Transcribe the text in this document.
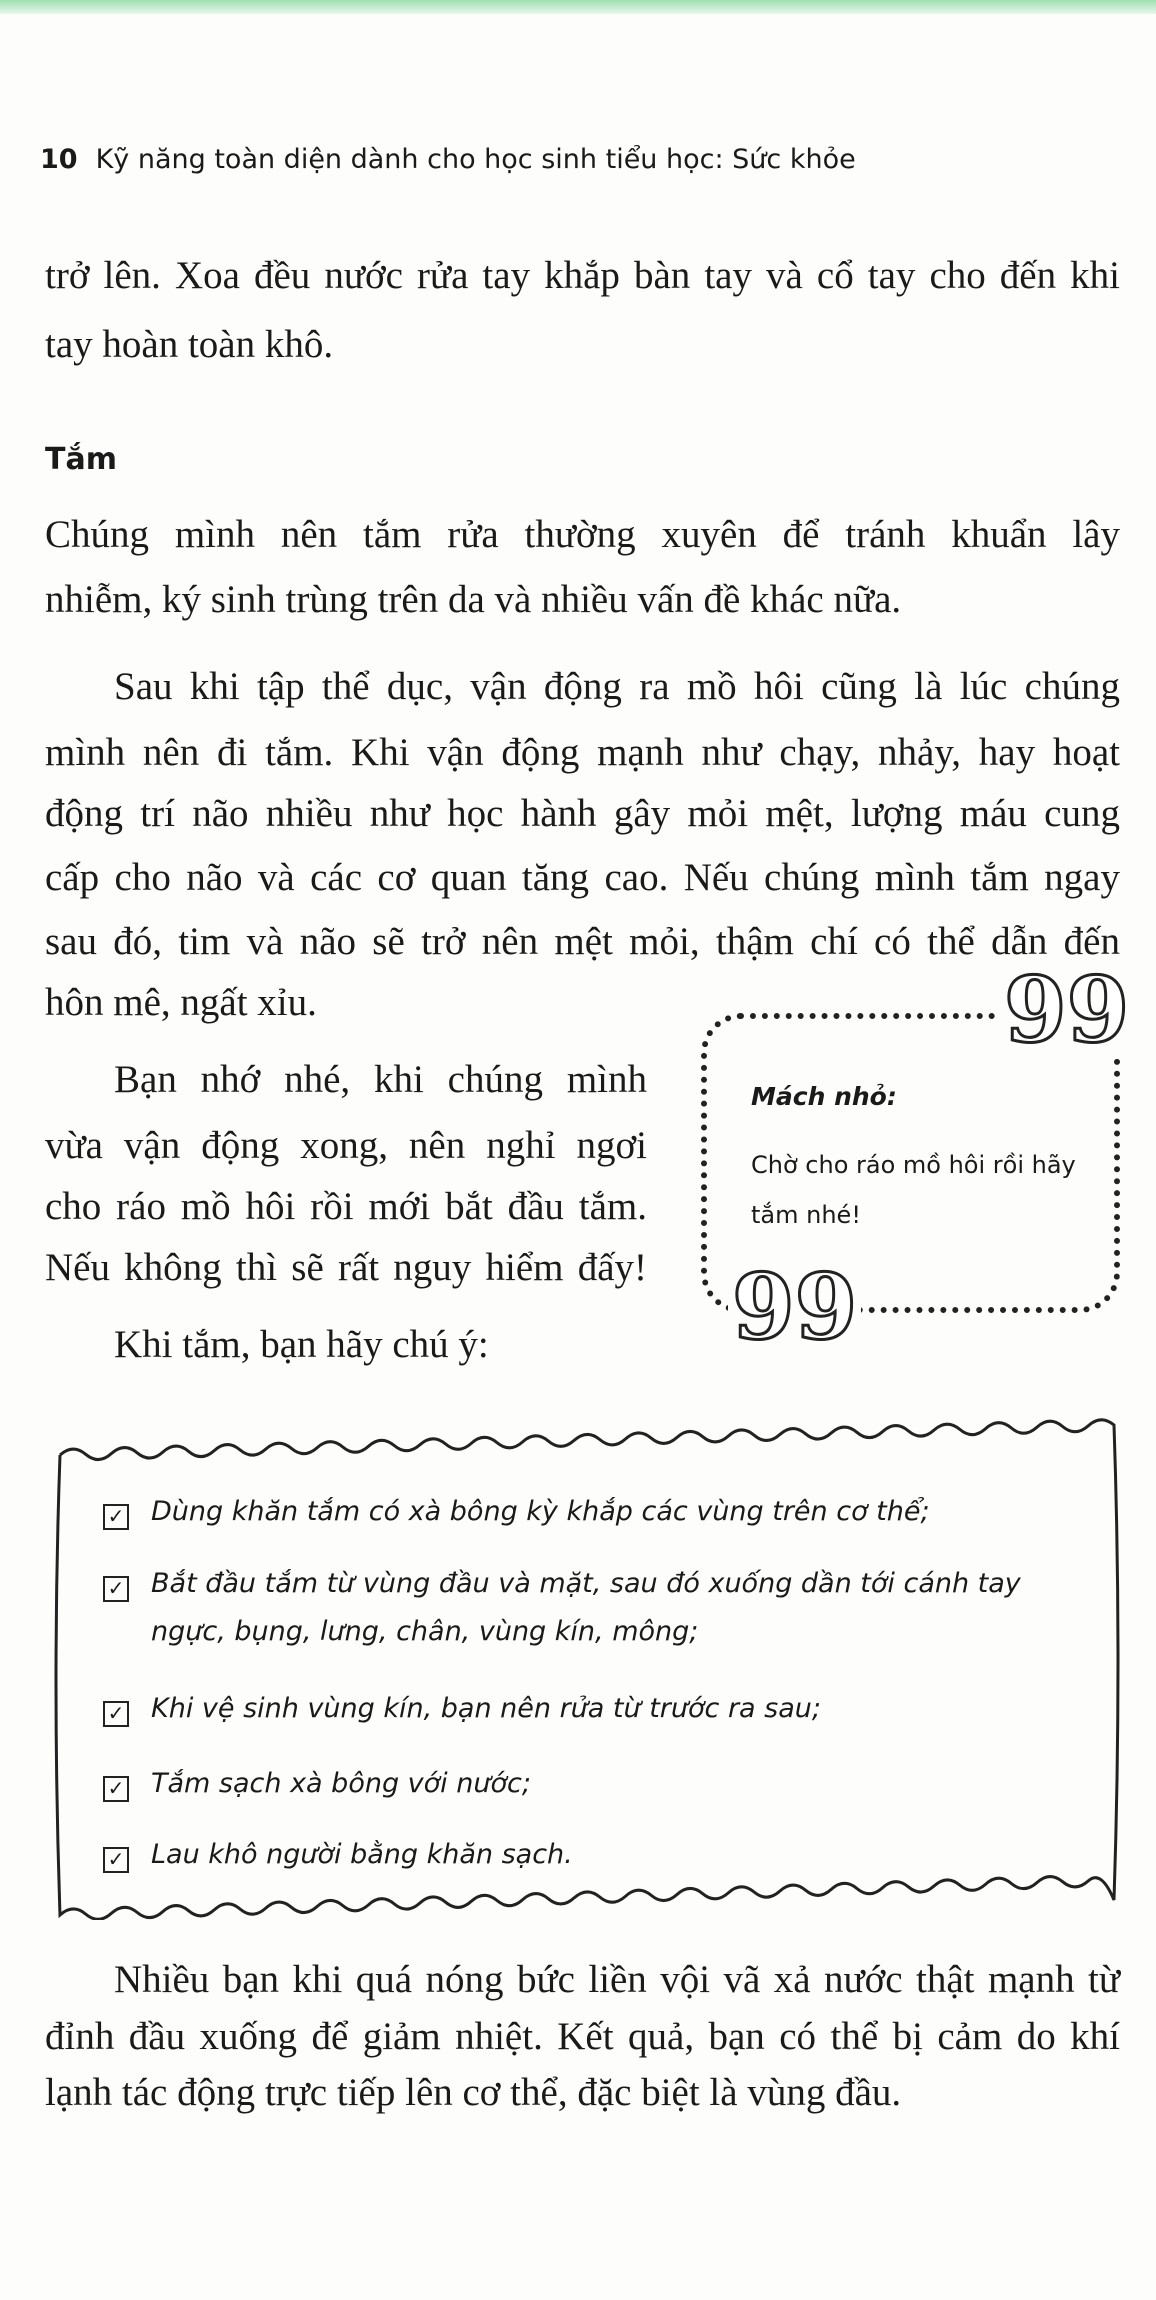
10 Kỹ năng toàn diện dành cho học sinh tiểu học: Sức khỏe
trở lên. Xoa đều nước rửa tay khắp bàn tay và cổ tay cho đến khi
tay hoàn toàn khô.
Tắm
Chúng mình nên tắm rửa thường xuyên để tránh khuẩn lây
nhiễm, ký sinh trùng trên da và nhiều vấn đề khác nữa.
Sau khi tập thể dục, vận động ra mồ hôi cũng là lúc chúng
mình nên đi tắm. Khi vận động mạnh như chạy, nhảy, hay hoạt
động trí não nhiều như học hành gây mỏi mệt, lượng máu cung
cấp cho não và các cơ quan tăng cao. Nếu chúng mình tắm ngay
sau đó, tim và não sẽ trở nên mệt mỏi, thậm chí có thể dẫn đến
hôn mê, ngất xỉu.
Bạn nhớ nhé, khi chúng mình
vừa vận động xong, nên nghỉ ngơi
cho ráo mồ hôi rồi mới bắt đầu tắm.
Nếu không thì sẽ rất nguy hiểm đấy!
Khi tắm, bạn hãy chú ý:
99
99
Mách nhỏ:
Chờ cho ráo mồ hôi rồi hãy tắm nhé!
✓ Dùng khăn tắm có xà bông kỳ khắp các vùng trên cơ thể;
✓ Bắt đầu tắm từ vùng đầu và mặt, sau đó xuống dần tới cánh tay
ngực, bụng, lưng, chân, vùng kín, mông;
✓ Khi vệ sinh vùng kín, bạn nên rửa từ trước ra sau;
✓ Tắm sạch xà bông với nước;
✓ Lau khô người bằng khăn sạch.
Nhiều bạn khi quá nóng bức liền vội vã xả nước thật mạnh từ
đỉnh đầu xuống để giảm nhiệt. Kết quả, bạn có thể bị cảm do khí
lạnh tác động trực tiếp lên cơ thể, đặc biệt là vùng đầu.
